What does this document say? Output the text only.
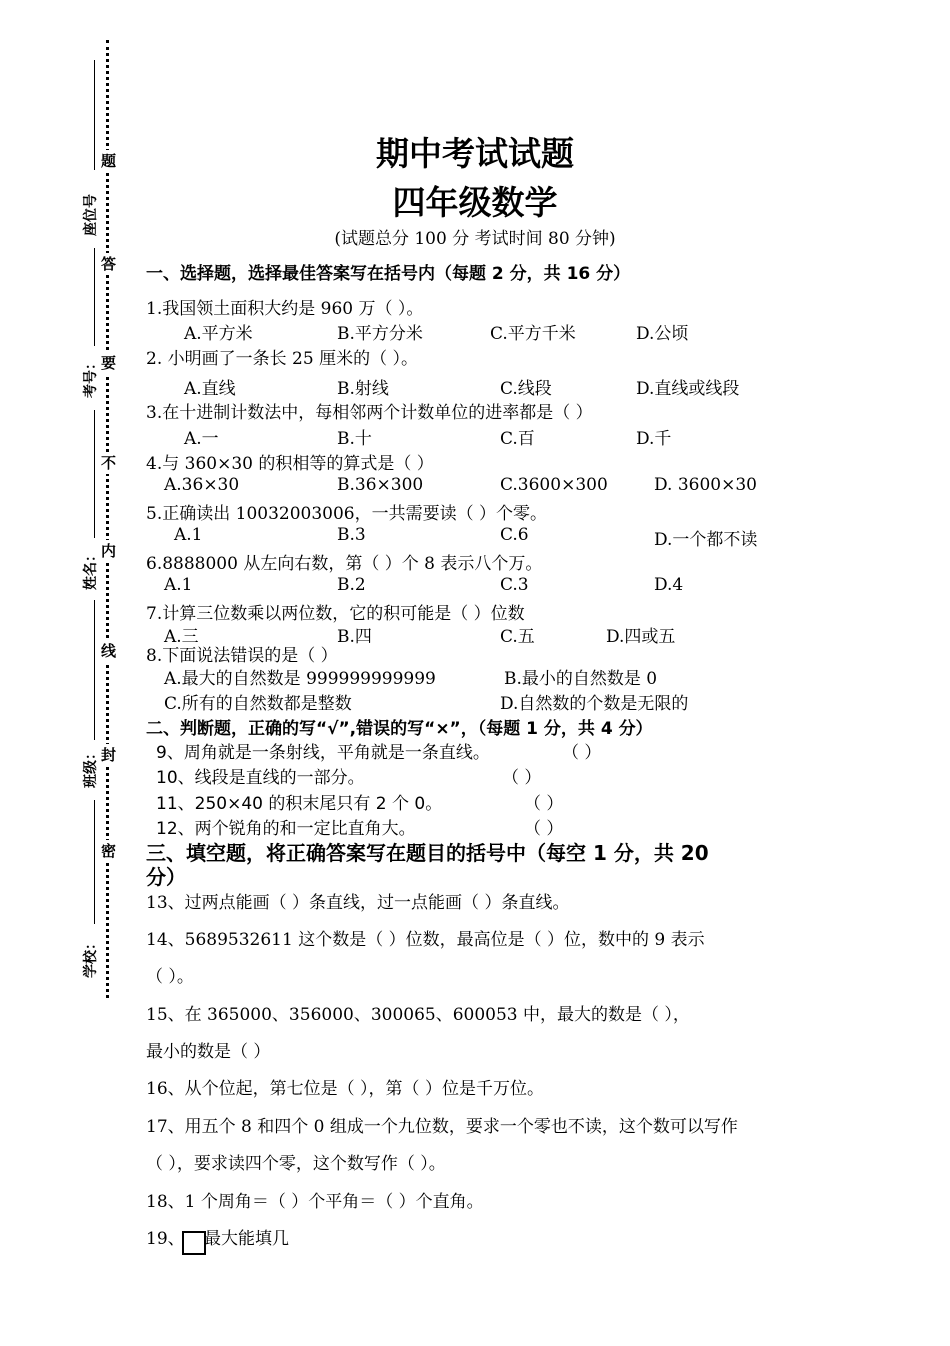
题
答
要
不
内
线
封
密
座位号
考号：
姓名：
班级：
学校：
期中考试试题
四年级数学
(试题总分 100 分 考试时间 80 分钟)
一、选择题，选择最佳答案写在括号内（每题 2 分，共 16 分）
1.我国领土面积大约是 960 万（ ）。
A.平方米	B.平方分米	C.平方千米	D.公顷
2. 小明画了一条长 25 厘米的（ ）。
A.直线	B.射线	C.线段	D.直线或线段
3.在十进制计数法中，每相邻两个计数单位的进率都是（ ）
A.一	B.十	C.百	D.千
4.与 360×30 的积相等的算式是（ ）
A.36×30	B.36×300	C.3600×300	D. 3600×30
5.正确读出 10032003006，一共需要读（ ）个零。
A.1	B.3	C.6	D.一个都不读
6.8888000 从左向右数，第（ ）个 8 表示八个万。
A.1	B.2	C.3	D.4
7.计算三位数乘以两位数，它的积可能是（ ）位数
A.三	B.四	C.五	D.四或五
8.下面说法错误的是（ ）
A.最大的自然数是 999999999999	B.最小的自然数是 0
C.所有的自然数都是整数	D.自然数的个数是无限的
二、判断题，正确的写“√”,错误的写“×”，（每题 1 分，共 4 分）
9、周角就是一条射线，平角就是一条直线。	（ ）
10、线段是直线的一部分。	（ ）
11、250×40 的积末尾只有 2 个 0。	（ ）
12、两个锐角的和一定比直角大。	（ ）
三、填空题，将正确答案写在题目的括号中（每空 1 分，共 20
分）
13、过两点能画（ ）条直线，过一点能画（ ）条直线。
14、5689532611 这个数是（ ）位数，最高位是（ ）位，数中的 9 表示
（ ）。
15、在 365000、356000、300065、600053 中，最大的数是（ ），
最小的数是（ ）
16、从个位起，第七位是（ ），第（ ）位是千万位。
17、用五个 8 和四个 0 组成一个九位数，要求一个零也不读，这个数可以写作
（ ），要求读四个零，这个数写作（ ）。
18、1 个周角＝（ ）个平角＝（ ）个直角。
19、 最大能填几
